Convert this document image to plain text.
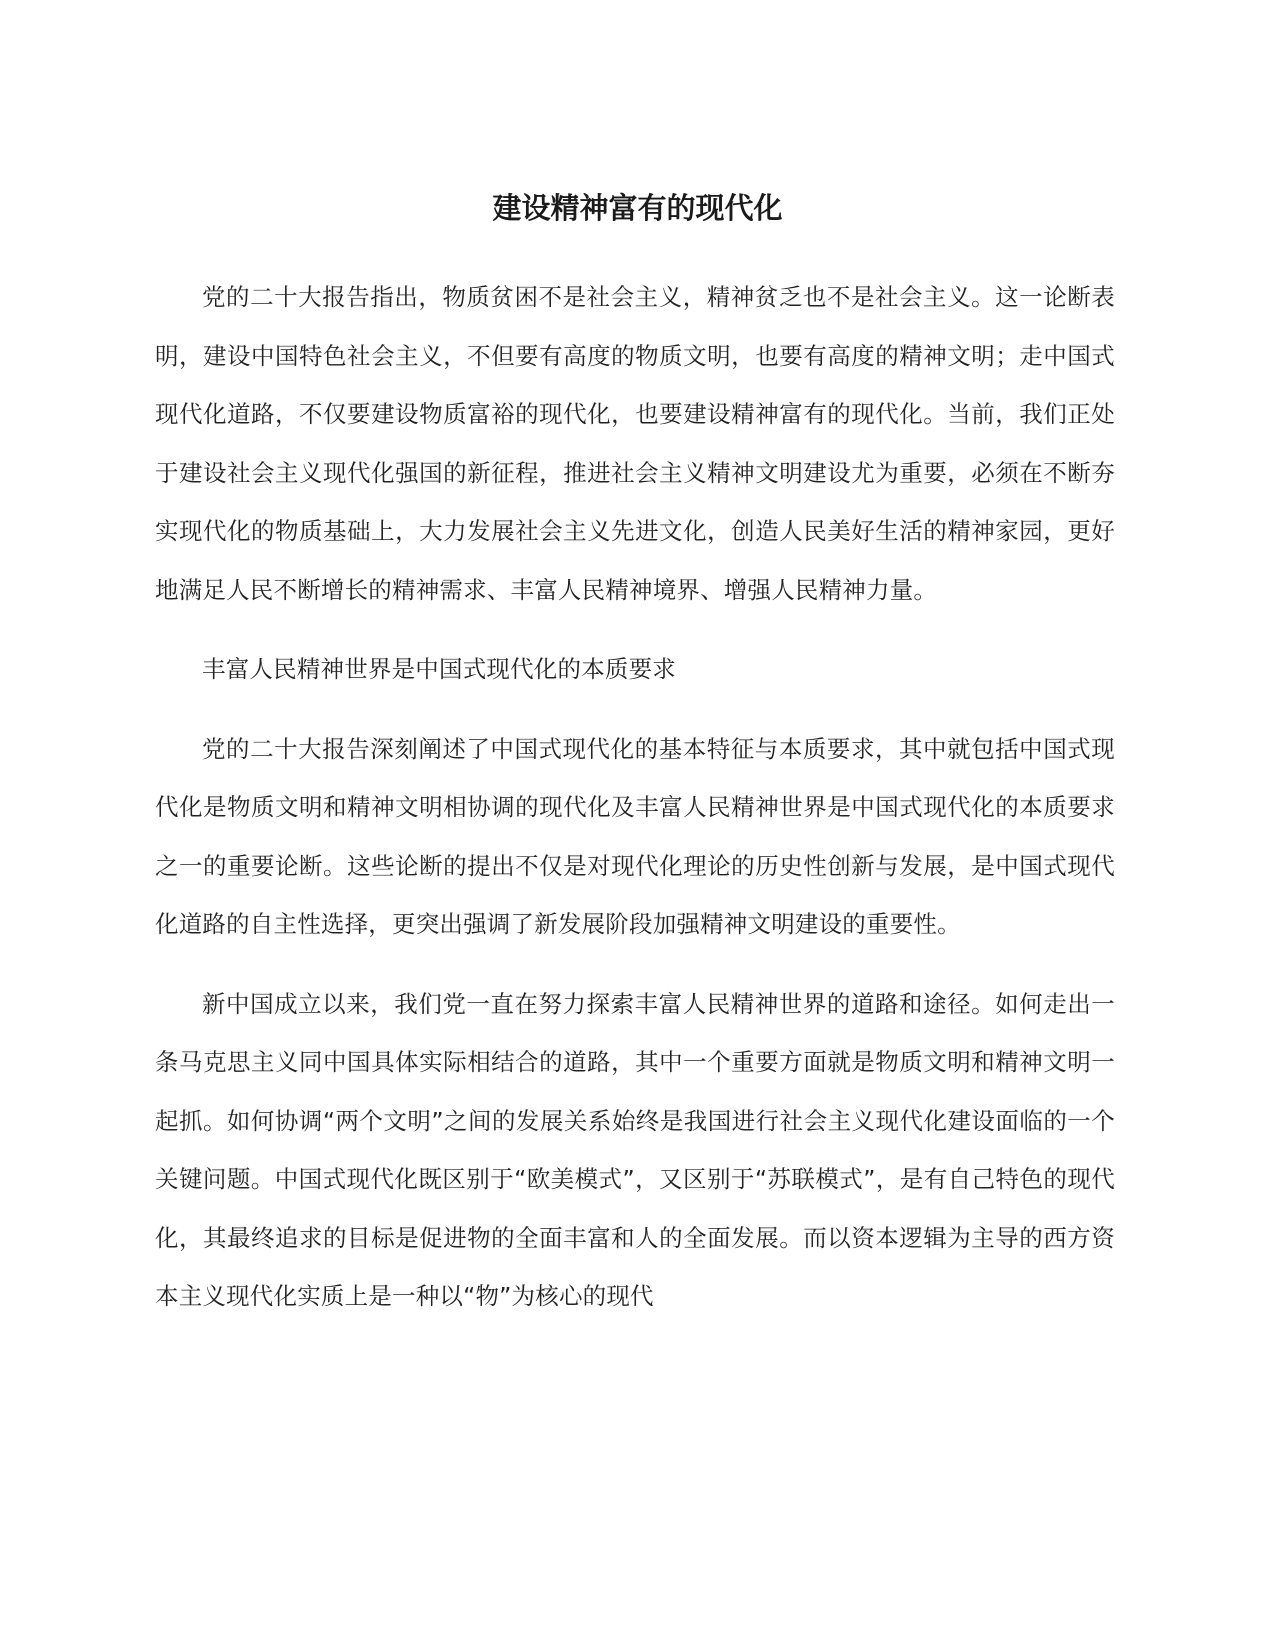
建设精神富有的现代化

党的二十大报告指出，物质贫困不是社会主义，精神贫乏也不是社会主义。这一论断表明，建设中国特色社会主义，不但要有高度的物质文明，也要有高度的精神文明；走中国式现代化道路，不仅要建设物质富裕的现代化，也要建设精神富有的现代化。当前，我们正处于建设社会主义现代化强国的新征程，推进社会主义精神文明建设尤为重要，必须在不断夯实现代化的物质基础上，大力发展社会主义先进文化，创造人民美好生活的精神家园，更好地满足人民不断增长的精神需求、丰富人民精神境界、增强人民精神力量。

丰富人民精神世界是中国式现代化的本质要求

党的二十大报告深刻阐述了中国式现代化的基本特征与本质要求，其中就包括中国式现代化是物质文明和精神文明相协调的现代化及丰富人民精神世界是中国式现代化的本质要求之一的重要论断。这些论断的提出不仅是对现代化理论的历史性创新与发展，是中国式现代化道路的自主性选择，更突出强调了新发展阶段加强精神文明建设的重要性。

新中国成立以来，我们党一直在努力探索丰富人民精神世界的道路和途径。如何走出一条马克思主义同中国具体实际相结合的道路，其中一个重要方面就是物质文明和精神文明一起抓。如何协调“两个文明”之间的发展关系始终是我国进行社会主义现代化建设面临的一个关键问题。中国式现代化既区别于“欧美模式”，又区别于“苏联模式”，是有自己特色的现代化，其最终追求的目标是促进物的全面丰富和人的全面发展。而以资本逻辑为主导的西方资本主义现代化实质上是一种以“物”为核心的现代
